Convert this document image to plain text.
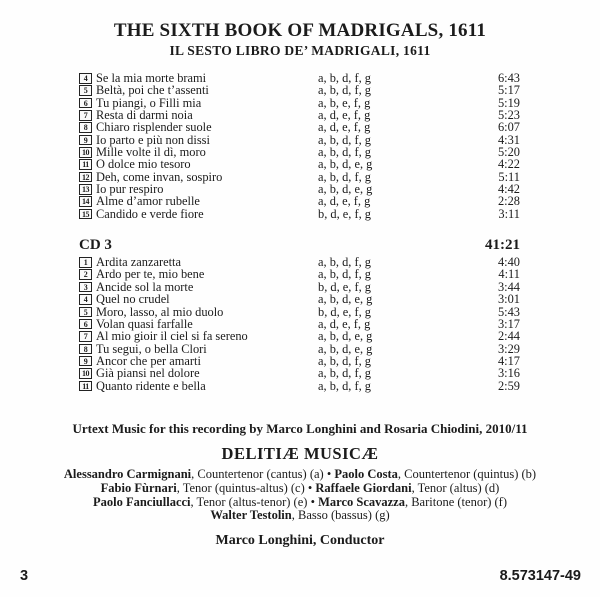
THE SIXTH BOOK OF MADRIGALS, 1611
IL SESTO LIBRO DE’ MADRIGALI, 1611
4 Se la mia morte brami	a, b, d, f, g	6:43
5 Beltà, poi che t’assenti	a, b, d, f, g	5:17
6 Tu piangi, o Filli mia	a, b, e, f, g	5:19
7 Resta di darmi noia	a, d, e, f, g	5:23
8 Chiaro risplender suole	a, d, e, f, g	6:07
9 Io parto e più non dissi	a, b, d, f, g	4:31
10 Mille volte il dì, moro	a, b, d, f, g	5:20
11 O dolce mio tesoro	a, b, d, e, g	4:22
12 Deh, come invan, sospiro	a, b, d, f, g	5:11
13 Io pur respiro	a, b, d, e, g	4:42
14 Alme d’amor rubelle	a, d, e, f, g	2:28
15 Candido e verde fiore	b, d, e, f, g	3:11
CD 3	41:21
1 Ardita zanzaretta	a, b, d, f, g	4:40
2 Ardo per te, mio bene	a, b, d, f, g	4:11
3 Ancide sol la morte	b, d, e, f, g	3:44
4 Quel no crudel	a, b, d, e, g	3:01
5 Moro, lasso, al mio duolo	b, d, e, f, g	5:43
6 Volan quasi farfalle	a, d, e, f, g	3:17
7 Al mio gioir il ciel si fa sereno	a, b, d, e, g	2:44
8 Tu segui, o bella Clori	a, b, d, e, g	3:29
9 Ancor che per amarti	a, b, d, f, g	4:17
10 Già piansi nel dolore	a, b, d, f, g	3:16
11 Quanto ridente e bella	a, b, d, f, g	2:59
Urtext Music for this recording by Marco Longhini and Rosaria Chiodini, 2010/11
DELITIÆ MUSICÆ
Alessandro Carmignani, Countertenor (cantus) (a) • Paolo Costa, Countertenor (quintus) (b)
Fabio Fùrnari, Tenor (quintus-altus) (c) • Raffaele Giordani, Tenor (altus) (d)
Paolo Fanciullacci, Tenor (altus-tenor) (e) • Marco Scavazza, Baritone (tenor) (f)
Walter Testolin, Basso (bassus) (g)
Marco Longhini, Conductor
3	8.573147-49
